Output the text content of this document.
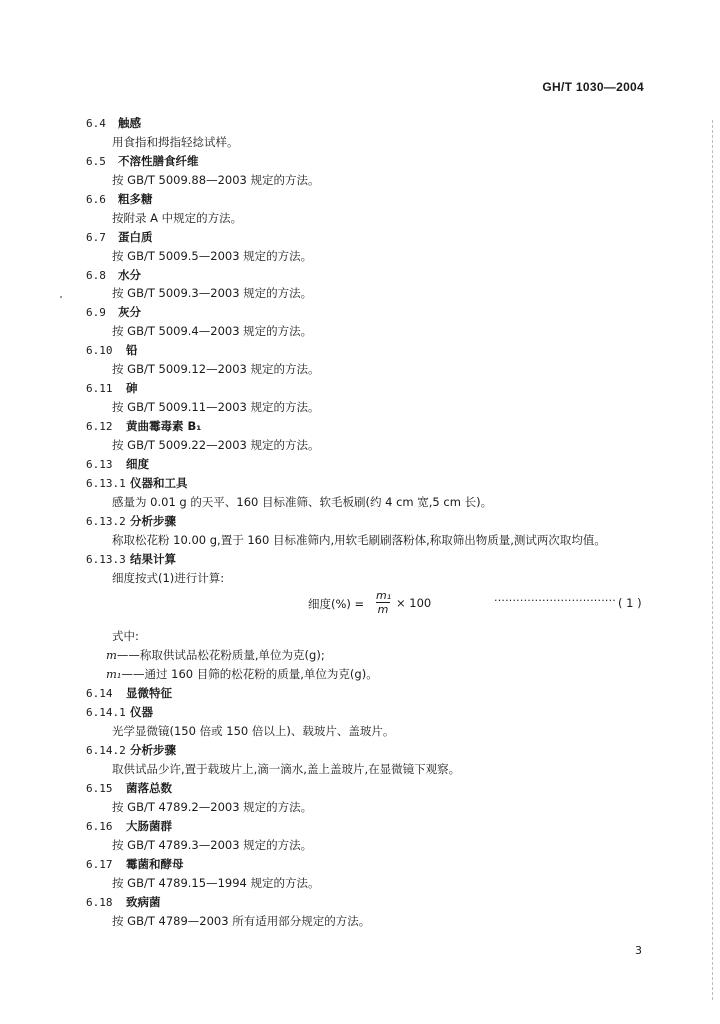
GH/T 1030—2004
6.4 触感
用食指和拇指轻捻试样。
6.5 不溶性膳食纤维
按 GB/T 5009.88—2003 规定的方法。
6.6 粗多糖
按附录 A 中规定的方法。
6.7 蛋白质
按 GB/T 5009.5—2003 规定的方法。
6.8 水分
按 GB/T 5009.3—2003 规定的方法。
6.9 灰分
按 GB/T 5009.4—2003 规定的方法。
6.10 铅
按 GB/T 5009.12—2003 规定的方法。
6.11 砷
按 GB/T 5009.11—2003 规定的方法。
6.12 黄曲霉毒素 B₁
按 GB/T 5009.22—2003 规定的方法。
6.13 细度
6.13.1 仪器和工具
感量为 0.01 g 的天平、160 目标准筛、软毛板刷(约 4 cm 宽,5 cm 长)。
6.13.2 分析步骤
称取松花粉 10.00 g,置于 160 目标准筛内,用软毛刷刷落粉体,称取筛出物质量,测试两次取均值。
6.13.3 结果计算
细度按式(1)进行计算:
细度(%) = $\frac{\text{m₁}}{m} \times 100$	································· ( 1 )
式中:
m——称取供试品松花粉质量,单位为克(g);
m₁——通过 160 目筛的松花粉的质量,单位为克(g)。
6.14 显微特征
6.14.1 仪器
光学显微镜(150 倍或 150 倍以上)、载玻片、盖玻片。
6.14.2 分析步骤
取供试品少许,置于载玻片上,滴一滴水,盖上盖玻片,在显微镜下观察。
6.15 菌落总数
按 GB/T 4789.2—2003 规定的方法。
6.16 大肠菌群
按 GB/T 4789.3—2003 规定的方法。
6.17 霉菌和酵母
按 GB/T 4789.15—1994 规定的方法。
6.18 致病菌
按 GB/T 4789—2003 所有适用部分规定的方法。
3
